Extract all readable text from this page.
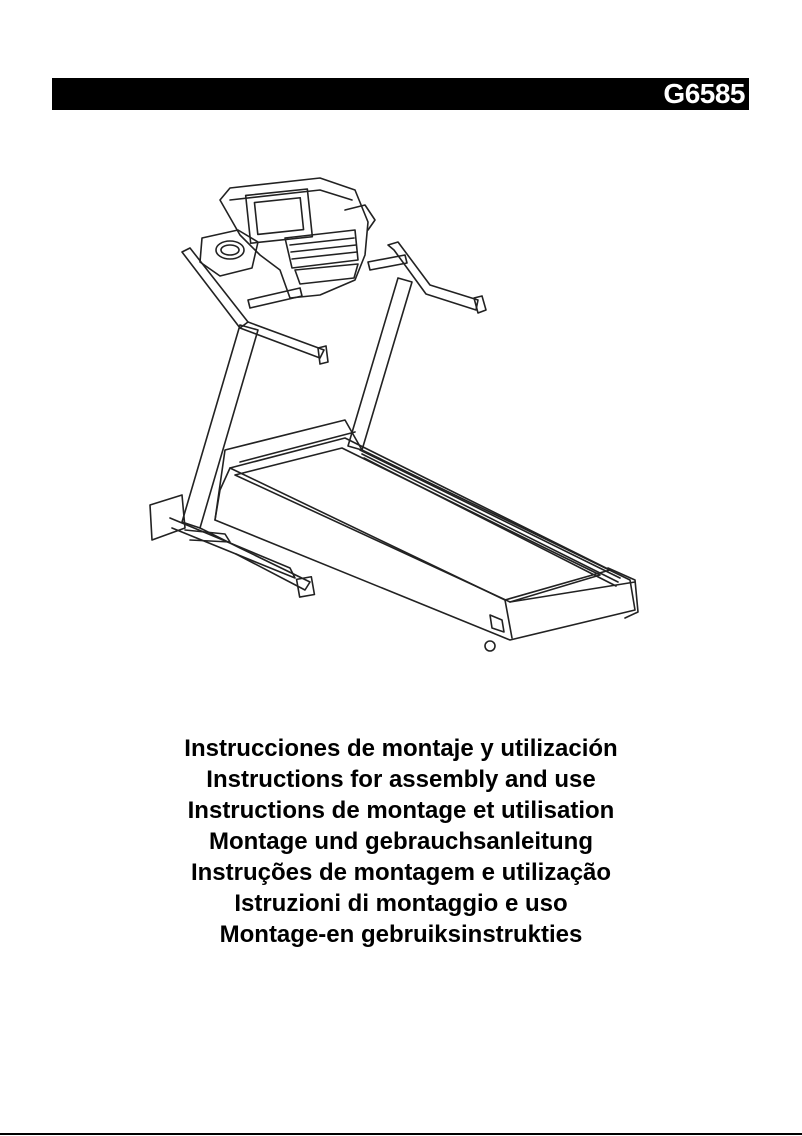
G6585
Instrucciones de montaje y utilización
Instructions for assembly and use
Instructions de montage et utilisation
Montage und gebrauchsanleitung
Instruções de montagem e utilização
Istruzioni di montaggio e uso
Montage-en gebruiksinstrukties
